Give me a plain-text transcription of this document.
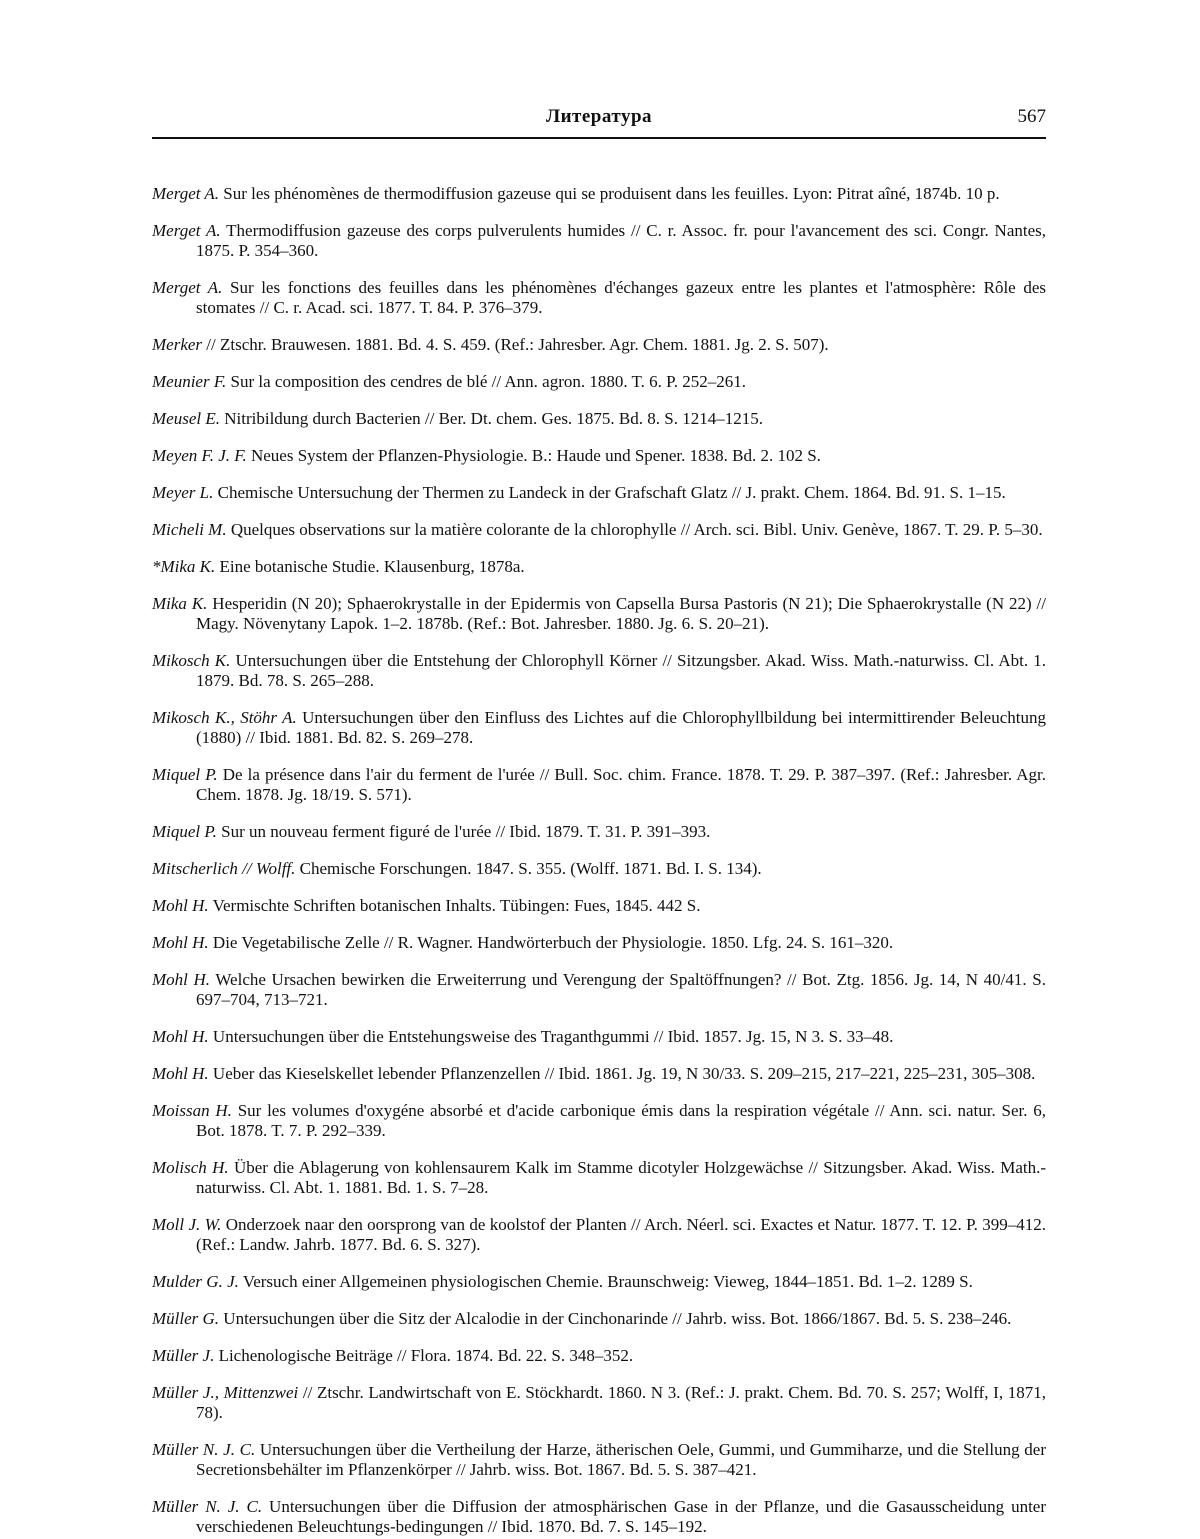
Литература	567

Merget A. Sur les phénomènes de thermodiffusion gazeuse qui se produisent dans les feuilles. Lyon: Pitrat aîné, 1874b. 10 p.

Merget A. Thermodiffusion gazeuse des corps pulverulents humides // C. r. Assoc. fr. pour l'avancement des sci. Congr. Nantes, 1875. P. 354–360.

Merget A. Sur les fonctions des feuilles dans les phénomènes d'échanges gazeux entre les plantes et l'atmosphère: Rôle des stomates // C. r. Acad. sci. 1877. T. 84. P. 376–379.

Merker // Ztschr. Brauwesen. 1881. Bd. 4. S. 459. (Ref.: Jahresber. Agr. Chem. 1881. Jg. 2. S. 507).

Meunier F. Sur la composition des cendres de blé // Ann. agron. 1880. T. 6. P. 252–261.

Meusel E. Nitribildung durch Bacterien // Ber. Dt. chem. Ges. 1875. Bd. 8. S. 1214–1215.

Meyen F. J. F. Neues System der Pflanzen-Physiologie. B.: Haude und Spener. 1838. Bd. 2. 102 S.

Meyer L. Chemische Untersuchung der Thermen zu Landeck in der Grafschaft Glatz // J. prakt. Chem. 1864. Bd. 91. S. 1–15.

Micheli M. Quelques observations sur la matière colorante de la chlorophylle // Arch. sci. Bibl. Univ. Genève, 1867. T. 29. P. 5–30.

*Mika K. Eine botanische Studie. Klausenburg, 1878a.

Mika K. Hesperidin (N 20); Sphaerokrystalle in der Epidermis von Capsella Bursa Pastoris (N 21); Die Sphaerokrystalle (N 22) // Magy. Növenytany Lapok. 1–2. 1878b. (Ref.: Bot. Jahresber. 1880. Jg. 6. S. 20–21).

Mikosch K. Untersuchungen über die Entstehung der Chlorophyll Körner // Sitzungsber. Akad. Wiss. Math.-naturwiss. Cl. Abt. 1. 1879. Bd. 78. S. 265–288.

Mikosch K., Stöhr A. Untersuchungen über den Einfluss des Lichtes auf die Chlorophyllbildung bei intermittirender Beleuchtung (1880) // Ibid. 1881. Bd. 82. S. 269–278.

Miquel P. De la présence dans l'air du ferment de l'urée // Bull. Soc. chim. France. 1878. T. 29. P. 387–397. (Ref.: Jahresber. Agr. Chem. 1878. Jg. 18/19. S. 571).

Miquel P. Sur un nouveau ferment figuré de l'urée // Ibid. 1879. T. 31. P. 391–393.

Mitscherlich // Wolff. Chemische Forschungen. 1847. S. 355. (Wolff. 1871. Bd. I. S. 134).

Mohl H. Vermischte Schriften botanischen Inhalts. Tübingen: Fues, 1845. 442 S.

Mohl H. Die Vegetabilische Zelle // R. Wagner. Handwörterbuch der Physiologie. 1850. Lfg. 24. S. 161–320.

Mohl H. Welche Ursachen bewirken die Erweiterrung und Verengung der Spaltöffnungen? // Bot. Ztg. 1856. Jg. 14, N 40/41. S. 697–704, 713–721.

Mohl H. Untersuchungen über die Entstehungsweise des Traganthgummi // Ibid. 1857. Jg. 15, N 3. S. 33–48.

Mohl H. Ueber das Kieselskellet lebender Pflanzenzellen // Ibid. 1861. Jg. 19, N 30/33. S. 209–215, 217–221, 225–231, 305–308.

Moissan H. Sur les volumes d'oxygéne absorbé et d'acide carbonique émis dans la respiration végétale // Ann. sci. natur. Ser. 6, Bot. 1878. T. 7. P. 292–339.

Molisch H. Über die Ablagerung von kohlensaurem Kalk im Stamme dicotyler Holzgewächse // Sitzungsber. Akad. Wiss. Math.-naturwiss. Cl. Abt. 1. 1881. Bd. 1. S. 7–28.

Moll J. W. Onderzoek naar den oorsprong van de koolstof der Planten // Arch. Néerl. sci. Exactes et Natur. 1877. T. 12. P. 399–412. (Ref.: Landw. Jahrb. 1877. Bd. 6. S. 327).

Mulder G. J. Versuch einer Allgemeinen physiologischen Chemie. Braunschweig: Vieweg, 1844–1851. Bd. 1–2. 1289 S.

Müller G. Untersuchungen über die Sitz der Alcalodie in der Cinchonarinde // Jahrb. wiss. Bot. 1866/1867. Bd. 5. S. 238–246.

Müller J. Lichenologische Beiträge // Flora. 1874. Bd. 22. S. 348–352.

Müller J., Mittenzwei // Ztschr. Landwirtschaft von E. Stöckhardt. 1860. N 3. (Ref.: J. prakt. Chem. Bd. 70. S. 257; Wolff, I, 1871, 78).

Müller N. J. C. Untersuchungen über die Vertheilung der Harze, ätherischen Oele, Gummi, und Gummiharze, und die Stellung der Secretionsbehälter im Pflanzenkörper // Jahrb. wiss. Bot. 1867. Bd. 5. S. 387–421.

Müller N. J. C. Untersuchungen über die Diffusion der atmosphärischen Gase in der Pflanze, und die Gasausscheidung unter verschiedenen Beleuchtungs-bedingungen // Ibid. 1870. Bd. 7. S. 145–192.
